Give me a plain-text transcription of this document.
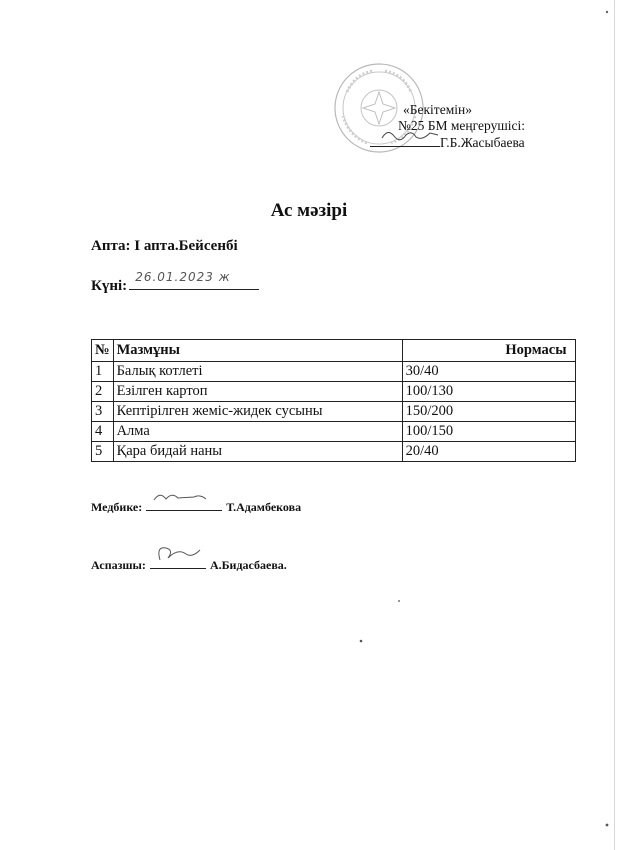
«Бекітемін»
№25 БМ меңгерушісі:
Г.Б.Жасыбаева
Ас мәзірі
Апта: І апта.Бейсенбі
Күні:
26.01.2023 ж
№	Мазмұны	Нормасы
1	Балық котлеті	30/40
2	Езілген картоп	100/130
3	Кептірілген жеміс-жидек сусыны	150/200
4	Алма	100/150
5	Қара бидай наны	20/40
Медбике:	Т.Адамбекова
Аспазшы:	А.Бидасбаева.
